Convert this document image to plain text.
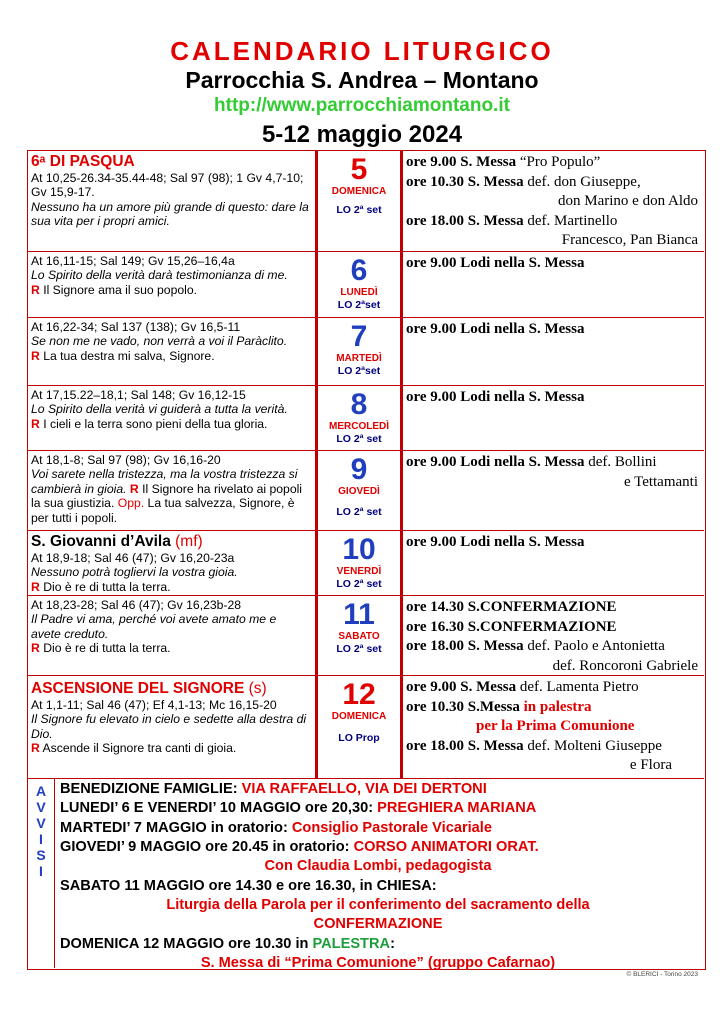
CALENDARIO LITURGICO
Parrocchia S. Andrea – Montano
http://www.parrocchiamontano.it
5-12 maggio 2024
6ᵃ DI PASQUA
At 10,25-26.34-35.44-48; Sal 97 (98); 1 Gv 4,7-10; Gv 15,9-17.
Nessuno ha un amore più grande di questo: dare la sua vita per i propri amici.
5
DOMENICA
LO 2ª set
ore 9.00 S. Messa “Pro Populo”
ore 10.30 S. Messa def. don Giuseppe,
don Marino e don Aldo
ore 18.00 S. Messa def. Martinello
Francesco, Pan Bianca
At 16,11-15; Sal 149; Gv 15,26–16,4a
Lo Spirito della verità darà testimonianza di me.
R Il Signore ama il suo popolo.
6
LUNEDÌ
LO 2ªset
ore 9.00 Lodi nella S. Messa
At 16,22-34; Sal 137 (138); Gv 16,5-11
Se non me ne vado, non verrà a voi il Paràclito.
R La tua destra mi salva, Signore.
7
MARTEDÌ
LO 2ªset
ore 9.00 Lodi nella S. Messa
At 17,15.22–18,1; Sal 148; Gv 16,12-15
Lo Spirito della verità vi guiderà a tutta la verità.
R I cieli e la terra sono pieni della tua gloria.
8
MERCOLEDÌ
LO 2ª set
ore 9.00 Lodi nella S. Messa
At 18,1-8; Sal 97 (98); Gv 16,16-20
Voi sarete nella tristezza, ma la vostra tristezza si cambierà in gioia. R Il Signore ha rivelato ai popoli la sua giustizia. Opp. La tua salvezza, Signore, è per tutti i popoli.
9
GIOVEDÌ
LO 2ª set
ore 9.00 Lodi nella S. Messa def. Bollini
e Tettamanti
S. Giovanni d’Avila (mf)
At 18,9-18; Sal 46 (47); Gv 16,20-23a
Nessuno potrà togliervi la vostra gioia.
R Dio è re di tutta la terra.
10
VENERDÌ
LO 2ª set
ore 9.00 Lodi nella S. Messa
At 18,23-28; Sal 46 (47); Gv 16,23b-28
Il Padre vi ama, perché voi avete amato me e avete creduto.
R Dio è re di tutta la terra.
11
SABATO
LO 2ª set
ore 14.30 S.CONFERMAZIONE
ore 16.30 S.CONFERMAZIONE
ore 18.00 S. Messa def. Paolo e Antonietta
def. Roncoroni Gabriele
ASCENSIONE DEL SIGNORE (s)
At 1,1-11; Sal 46 (47); Ef 4,1-13; Mc 16,15-20
Il Signore fu elevato in cielo e sedette alla destra di Dio.
R Ascende il Signore tra canti di gioia.
12
DOMENICA
LO Prop
ore 9.00 S. Messa def. Lamenta Pietro
ore 10.30 S.Messa in palestra
per la Prima Comunione
ore 18.00 S. Messa def. Molteni Giuseppe
e Flora
A
V
V
I
S
I
BENEDIZIONE FAMIGLIE: VIA RAFFAELLO, VIA DEI DERTONI
LUNEDI’ 6 E VENERDI’ 10 MAGGIO ore 20,30: PREGHIERA MARIANA
MARTEDI’ 7 MAGGIO in oratorio: Consiglio Pastorale Vicariale
GIOVEDI’ 9 MAGGIO ore 20.45 in oratorio: CORSO ANIMATORI ORAT.
Con Claudia Lombi, pedagogista
SABATO 11 MAGGIO ore 14.30 e ore 16.30, in CHIESA:
Liturgia della Parola per il conferimento del sacramento della
CONFERMAZIONE
DOMENICA 12 MAGGIO ore 10.30 in PALESTRA:
S. Messa di “Prima Comunione” (gruppo Cafarnao)
© BLERICI - Torino 2023
